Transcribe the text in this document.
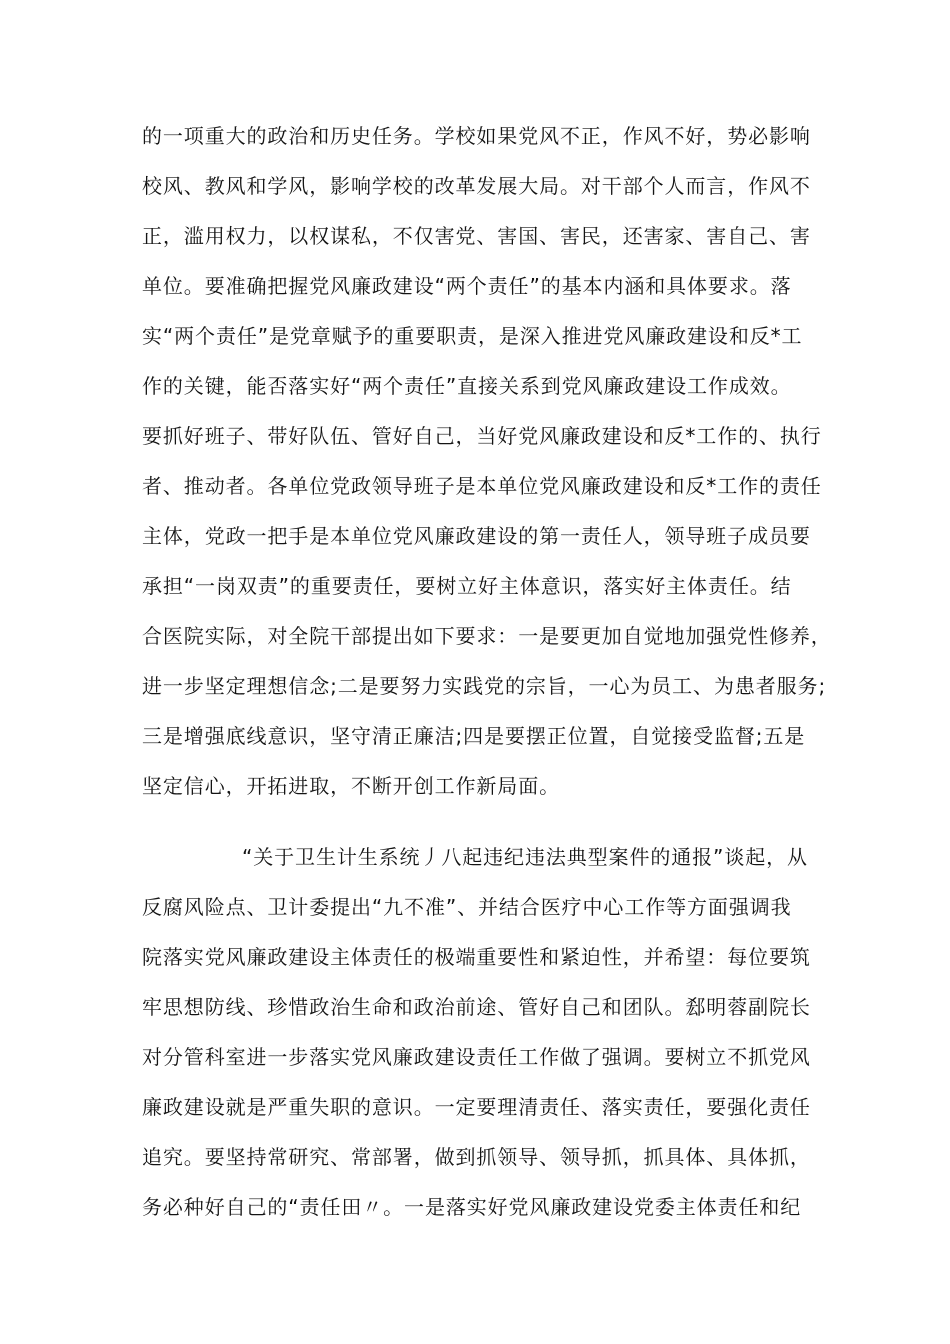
的一项重大的政治和历史任务。学校如果党风不正，作风不好，势必影响
校风、教风和学风，影响学校的改革发展大局。对干部个人而言，作风不
正，滥用权力，以权谋私，不仅害党、害国、害民，还害家、害自己、害
单位。要准确把握党风廉政建设“两个责任”的基本内涵和具体要求。落
实“两个责任”是党章赋予的重要职责，是深入推进党风廉政建设和反*工
作的关键，能否落实好“两个责任”直接关系到党风廉政建设工作成效。
要抓好班子、带好队伍、管好自己，当好党风廉政建设和反*工作的、执行
者、推动者。各单位党政领导班子是本单位党风廉政建设和反*工作的责任
主体，党政一把手是本单位党风廉政建设的第一责任人，领导班子成员要
承担“一岗双责”的重要责任，要树立好主体意识，落实好主体责任。结
合医院实际，对全院干部提出如下要求：一是要更加自觉地加强党性修养，
进一步坚定理想信念;二是要努力实践党的宗旨，一心为员工、为患者服务;
三是增强底线意识，坚守清正廉洁;四是要摆正位置，自觉接受监督;五是
坚定信心，开拓进取，不断开创工作新局面。
“关于卫生计生系统丿八起违纪违法典型案件的通报”谈起，从
反腐风险点、卫计委提出“九不准”、并结合医疗中心工作等方面强调我
院落实党风廉政建设主体责任的极端重要性和紧迫性，并希望：每位要筑
牢思想防线、珍惜政治生命和政治前途、管好自己和团队。郄明蓉副院长
对分管科室进一步落实党风廉政建设责任工作做了强调。要树立不抓党风
廉政建设就是严重失职的意识。一定要理清责任、落实责任，要强化责任
追究。要坚持常研究、常部署，做到抓领导、领导抓，抓具体、具体抓，
务必种好自己的“责任田〃。一是落实好党风廉政建设党委主体责任和纪
